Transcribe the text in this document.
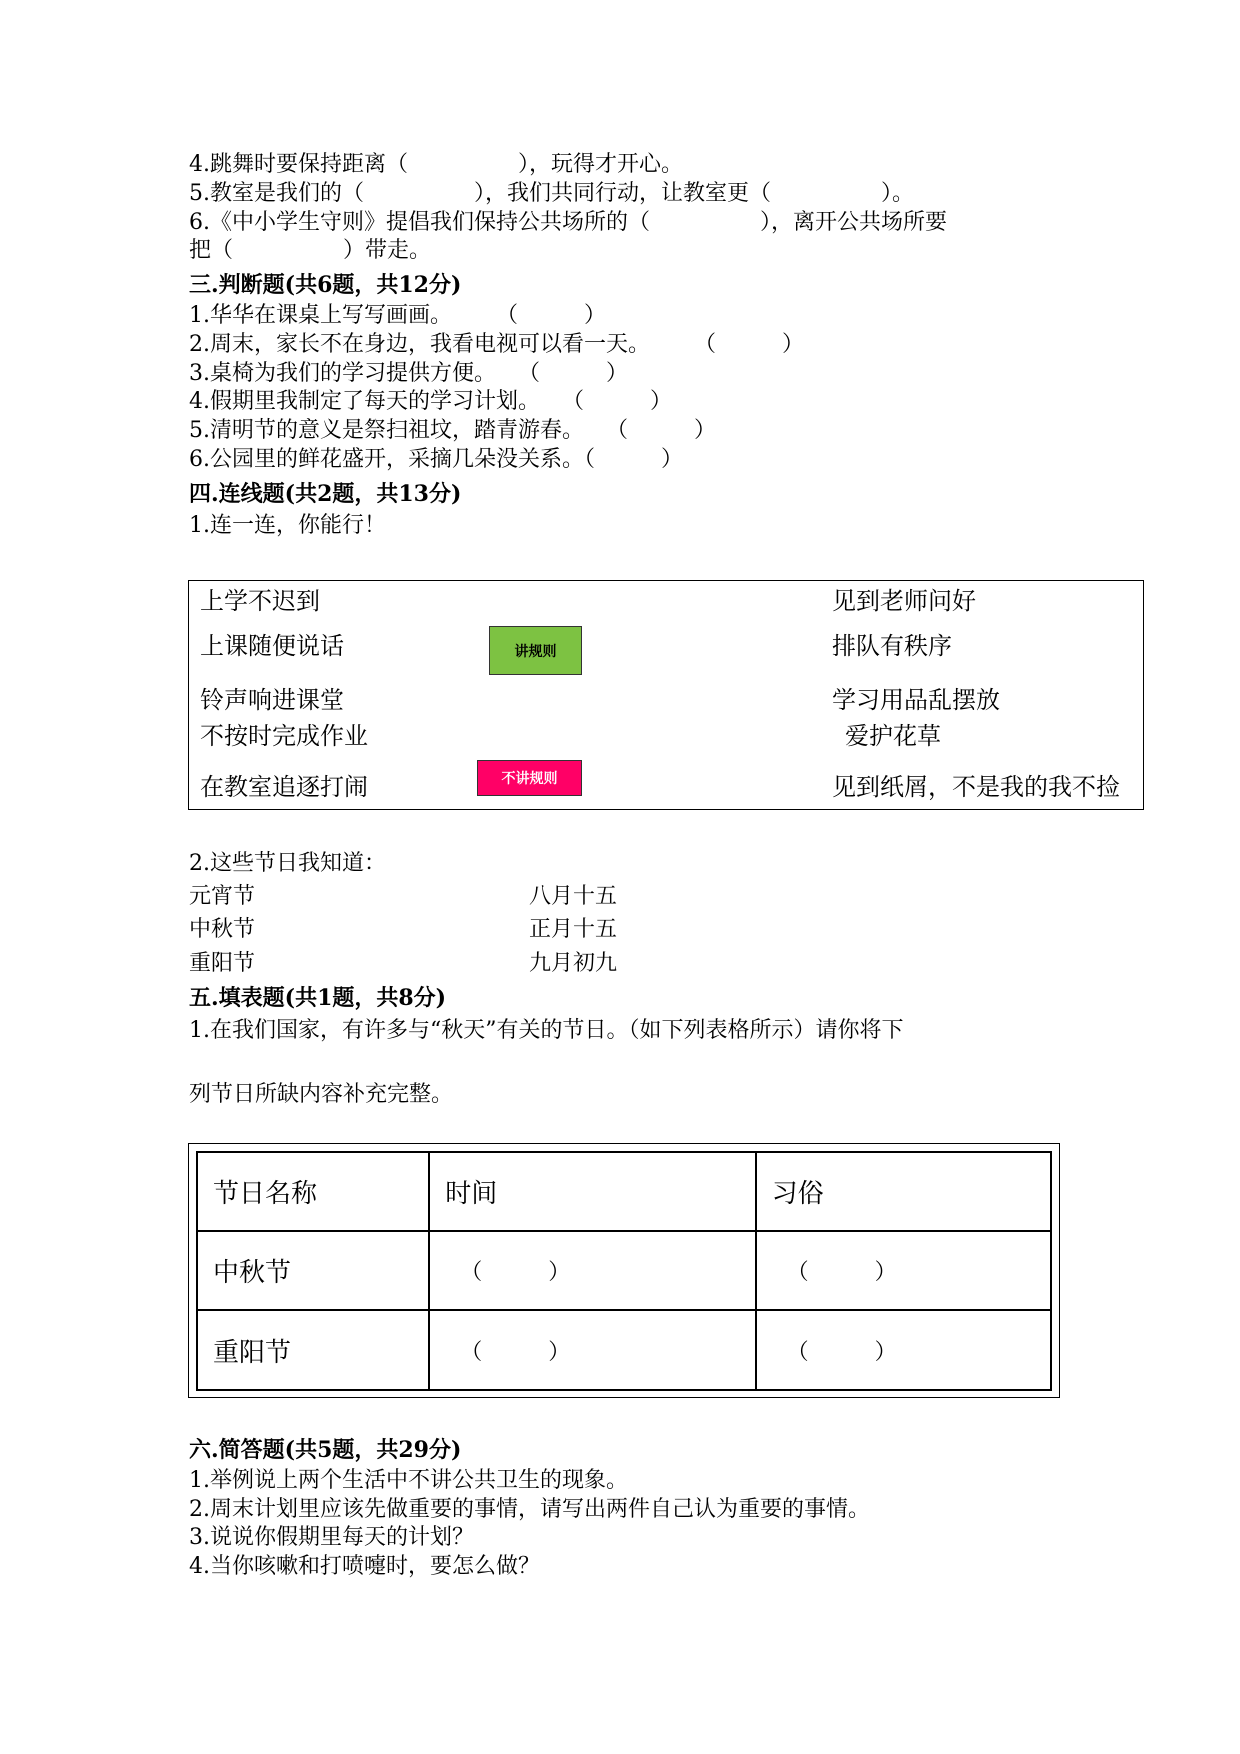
4.跳舞时要保持距离（　　　　　），玩得才开心。
5.教室是我们的（　　　　　），我们共同行动，让教室更（　　　　　）。
6.《中小学生守则》提倡我们保持公共场所的（　　　　　），离开公共场所要
把（　　　　　）带走。
三.判断题(共6题，共12分)
1.华华在课桌上写写画画。　　　（　　　）
2.周末，家长不在身边，我看电视可以看一天。　　　（　　　）
3.桌椅为我们的学习提供方便。　　（　　　）
4.假期里我制定了每天的学习计划。　　（　　　）
5.清明节的意义是祭扫祖坟，踏青游春。　　（　　　）
6.公园里的鲜花盛开，采摘几朵没关系。（　　　）
四.连线题(共2题，共13分)
1.连一连，你能行！
上学不迟到
上课随便说话
铃声响进课堂
不按时完成作业
在教室追逐打闹
讲规则
不讲规则
见到老师问好
排队有秩序
学习用品乱摆放
爱护花草
见到纸屑，不是我的我不捡
2.这些节日我知道：
元宵节	八月十五
中秋节	正月十五
重阳节	九月初九
五.填表题(共1题，共8分)
1.在我们国家，有许多与“秋天”有关的节日。（如下列表格所示）请你将下
列节日所缺内容补充完整。
节日名称	时间	习俗
中秋节	（　　　）	（　　　）
重阳节	（　　　）	（　　　）
六.简答题(共5题，共29分)
1.举例说上两个生活中不讲公共卫生的现象。
2.周末计划里应该先做重要的事情，请写出两件自己认为重要的事情。
3.说说你假期里每天的计划？
4.当你咳嗽和打喷嚏时，要怎么做？
